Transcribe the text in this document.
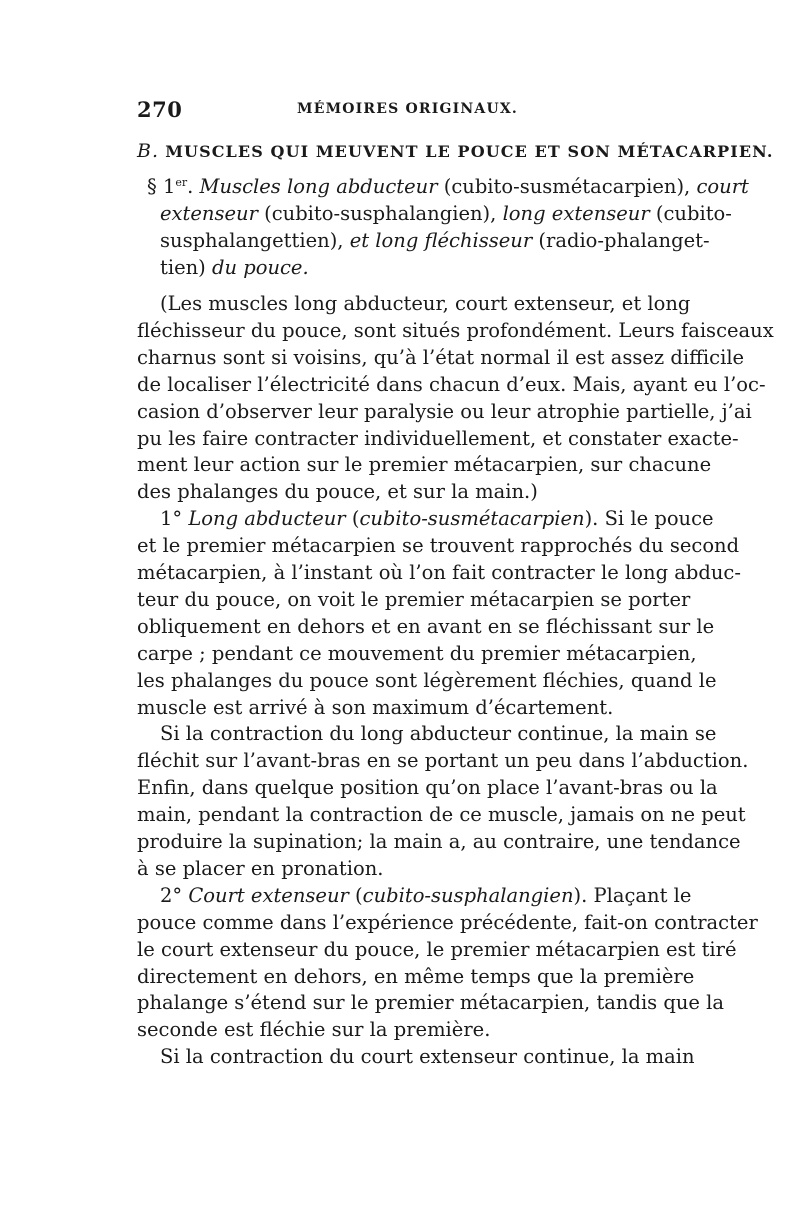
270	MÉMOIRES ORIGINAUX.
B. MUSCLES QUI MEUVENT LE POUCE ET SON MÉTACARPIEN.
§ 1er. Muscles long abducteur (cubito-susmétacarpien), court
extenseur (cubito-susphalangien), long extenseur (cubito-
susphalangettien), et long fléchisseur (radio-phalanget-
tien) du pouce.
(Les muscles long abducteur, court extenseur, et long
fléchisseur du pouce, sont situés profondément. Leurs faisceaux
charnus sont si voisins, qu’à l’état normal il est assez difficile
de localiser l’électricité dans chacun d’eux. Mais, ayant eu l’oc-
casion d’observer leur paralysie ou leur atrophie partielle, j’ai
pu les faire contracter individuellement, et constater exacte-
ment leur action sur le premier métacarpien, sur chacune
des phalanges du pouce, et sur la main.)
1° Long abducteur (cubito-susmétacarpien). Si le pouce
et le premier métacarpien se trouvent rapprochés du second
métacarpien, à l’instant où l’on fait contracter le long abduc-
teur du pouce, on voit le premier métacarpien se porter
obliquement en dehors et en avant en se fléchissant sur le
carpe ; pendant ce mouvement du premier métacarpien,
les phalanges du pouce sont légèrement fléchies, quand le
muscle est arrivé à son maximum d’écartement.
Si la contraction du long abducteur continue, la main se
fléchit sur l’avant-bras en se portant un peu dans l’abduction.
Enfin, dans quelque position qu’on place l’avant-bras ou la
main, pendant la contraction de ce muscle, jamais on ne peut
produire la supination; la main a, au contraire, une tendance
à se placer en pronation.
2° Court extenseur (cubito-susphalangien). Plaçant le
pouce comme dans l’expérience précédente, fait-on contracter
le court extenseur du pouce, le premier métacarpien est tiré
directement en dehors, en même temps que la première
phalange s’étend sur le premier métacarpien, tandis que la
seconde est fléchie sur la première.
Si la contraction du court extenseur continue, la main
